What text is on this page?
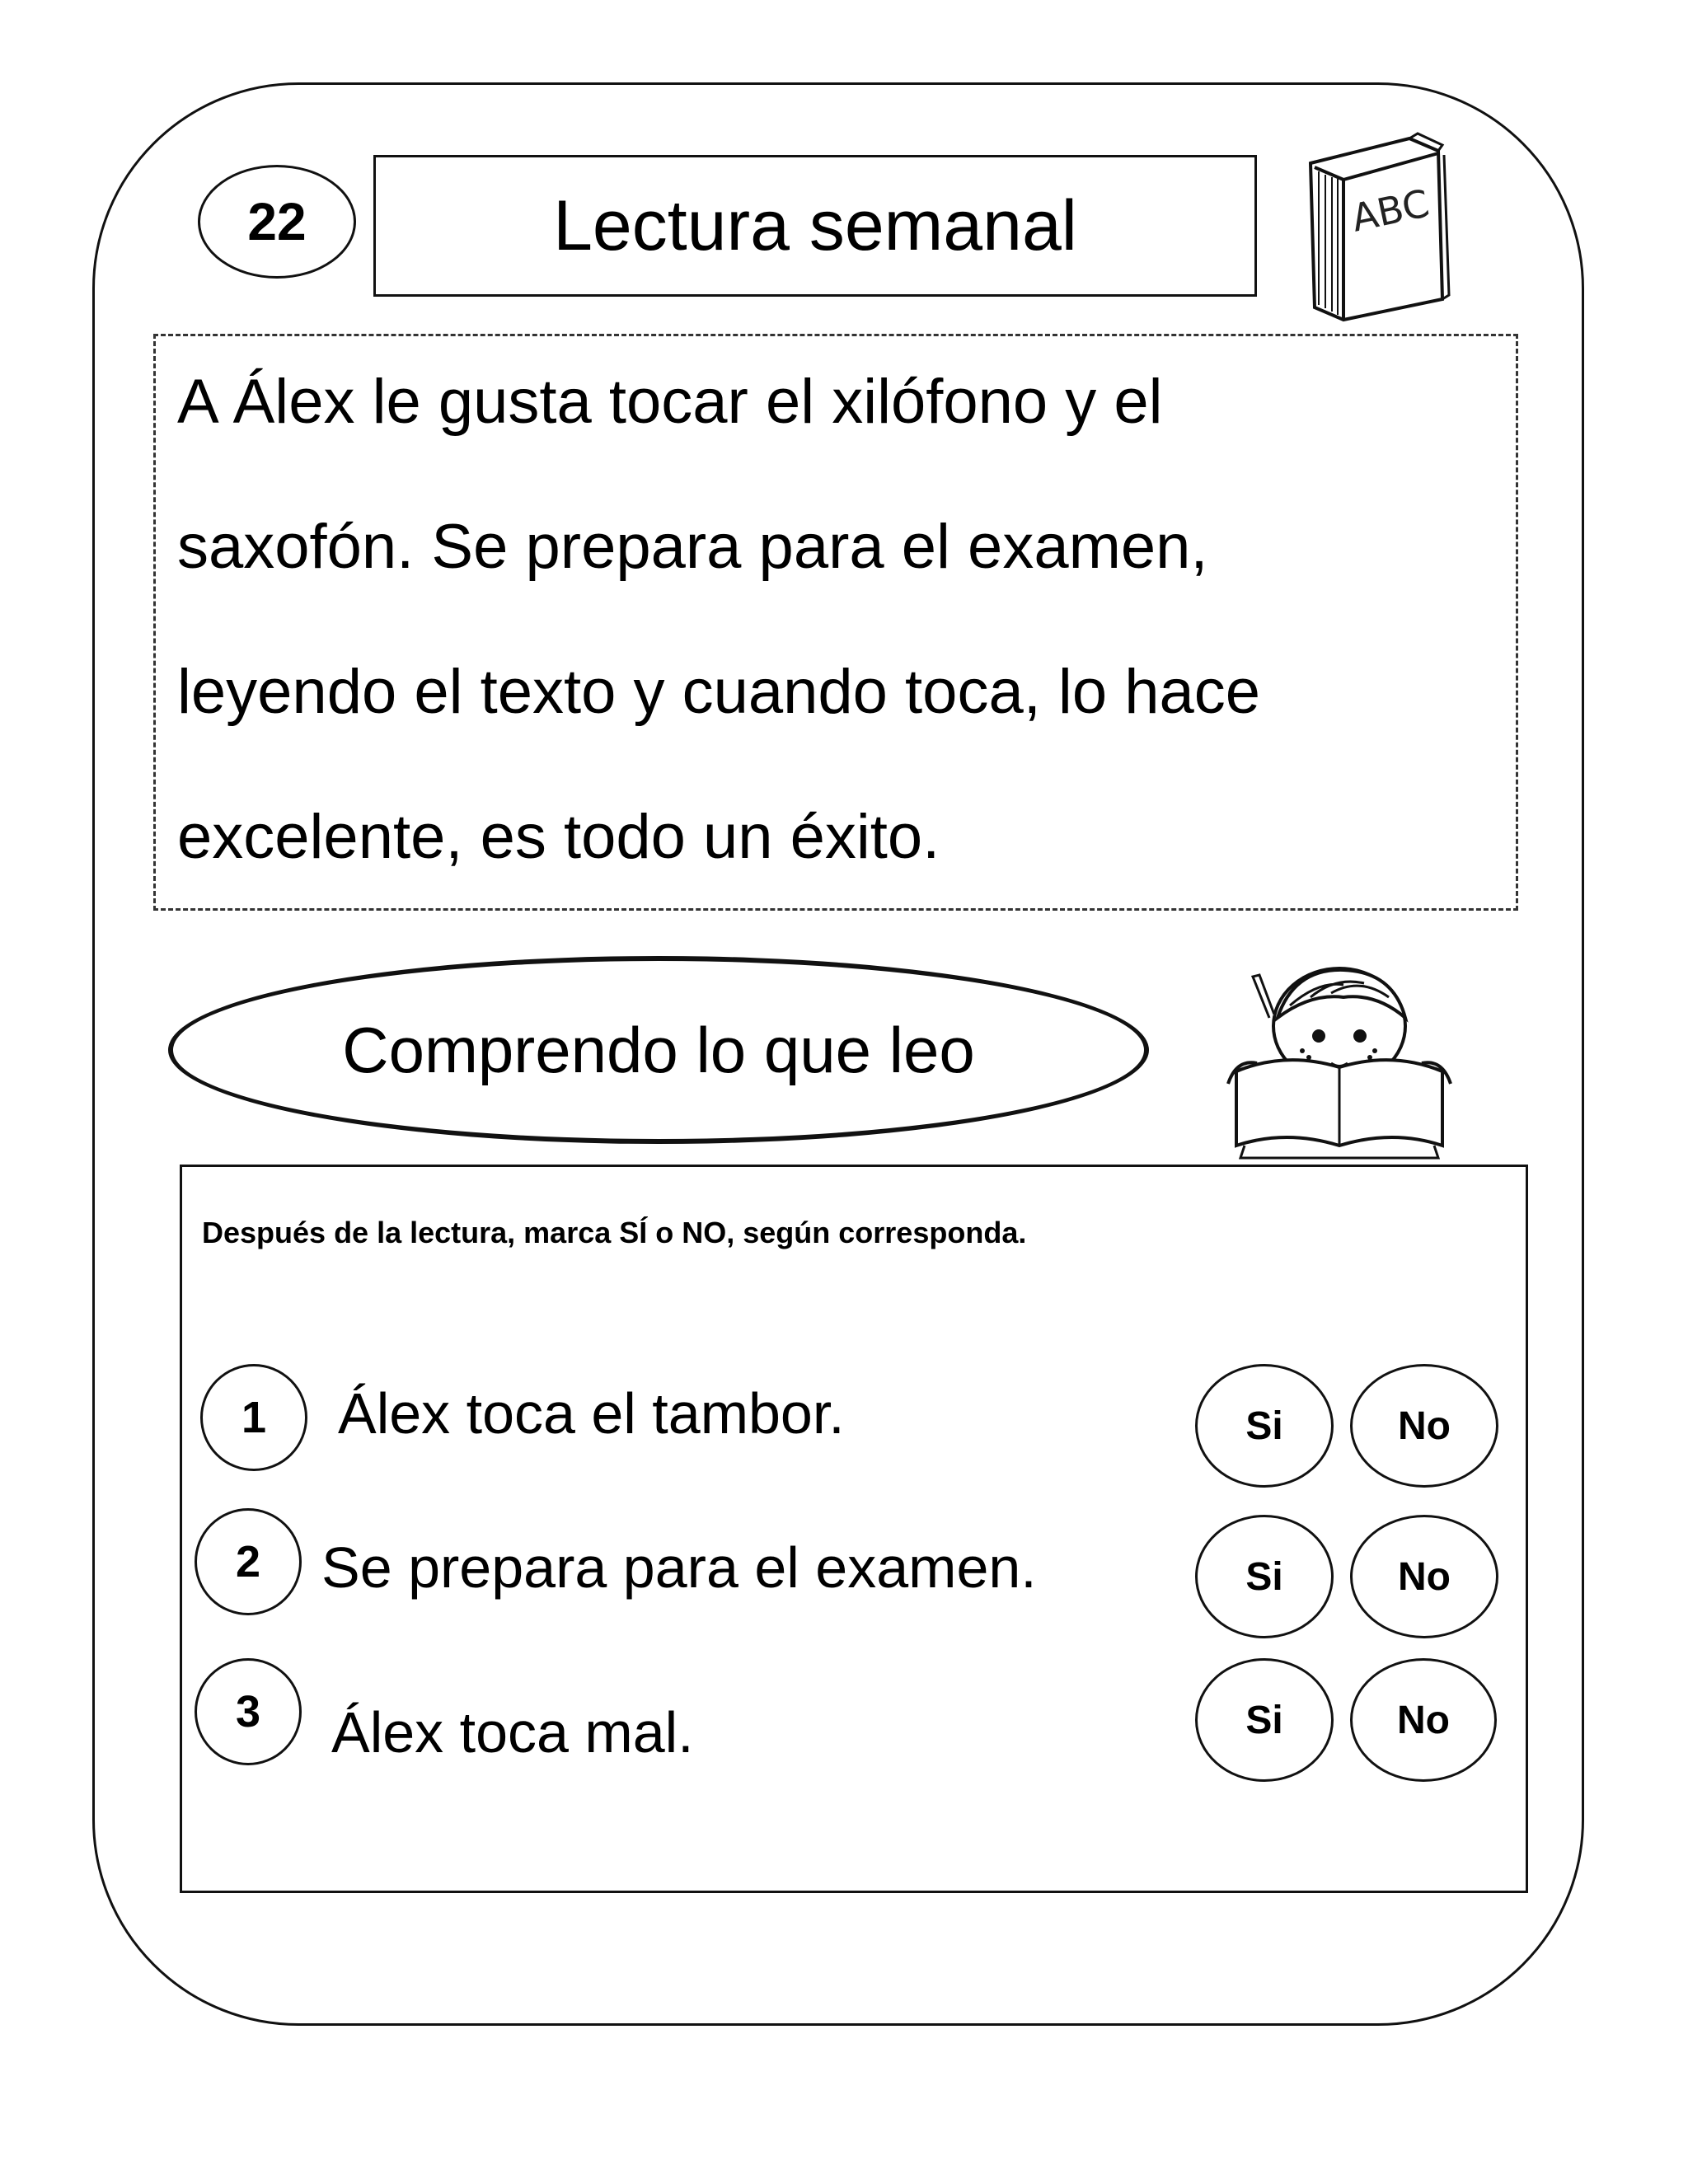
22	Lectura semanal	ABC
A Álex le gusta tocar el xilófono y el
saxofón. Se prepara para el examen,
leyendo el texto y cuando toca, lo hace
excelente, es todo un éxito.
Comprendo lo que leo
Después de la lectura, marca SÍ o NO, según corresponda.
1	Álex toca el tambor.	Si	No
2	Se prepara para el examen.	Si	No
3	Álex toca mal.	Si	No
